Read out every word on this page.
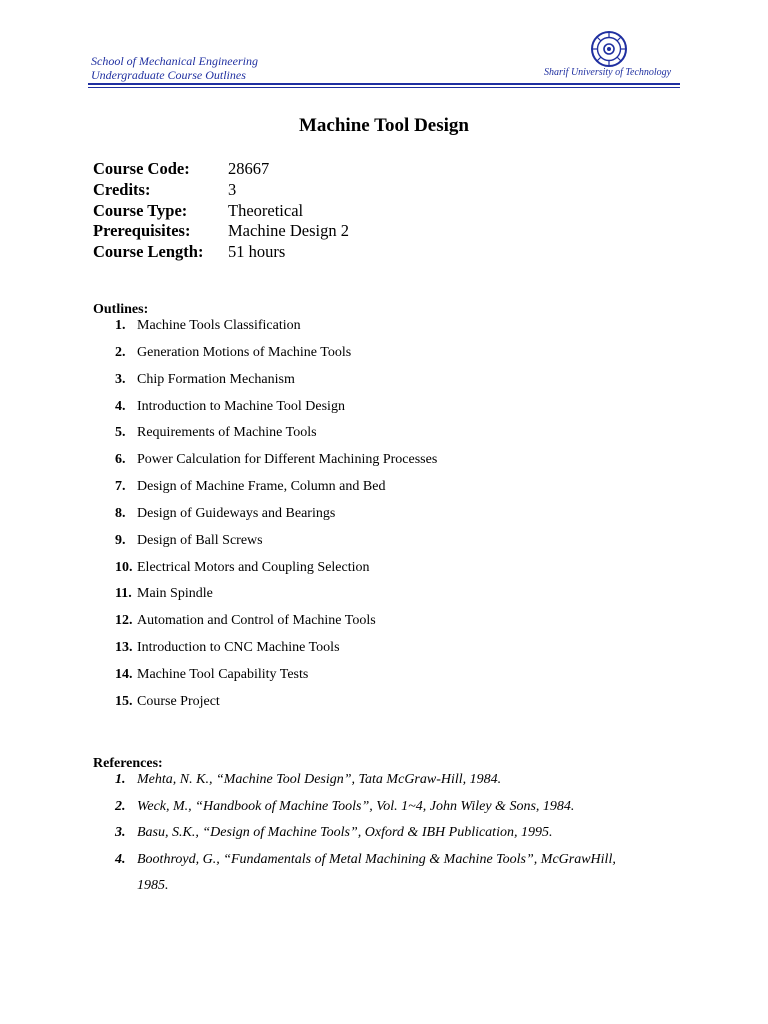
School of Mechanical Engineering
Undergraduate Course Outlines	Sharif University of Technology
Machine Tool Design
Course Code:	28667
Credits:	3
Course Type:	Theoretical
Prerequisites:	Machine Design 2
Course Length:	51 hours
Outlines:
1. Machine Tools Classification
2. Generation Motions of Machine Tools
3. Chip Formation Mechanism
4. Introduction to Machine Tool Design
5. Requirements of Machine Tools
6. Power Calculation for Different Machining Processes
7. Design of Machine Frame, Column and Bed
8. Design of Guideways and Bearings
9. Design of Ball Screws
10. Electrical Motors and Coupling Selection
11. Main Spindle
12. Automation and Control of Machine Tools
13. Introduction to CNC Machine Tools
14. Machine Tool Capability Tests
15. Course Project
References:
1. Mehta, N. K., “Machine Tool Design”, Tata McGraw-Hill, 1984.
2. Weck, M., “Handbook of Machine Tools”, Vol. 1~4, John Wiley & Sons, 1984.
3. Basu, S.K., “Design of Machine Tools”, Oxford & IBH Publication, 1995.
4. Boothroyd, G., “Fundamentals of Metal Machining & Machine Tools”, McGrawHill,
1985.
